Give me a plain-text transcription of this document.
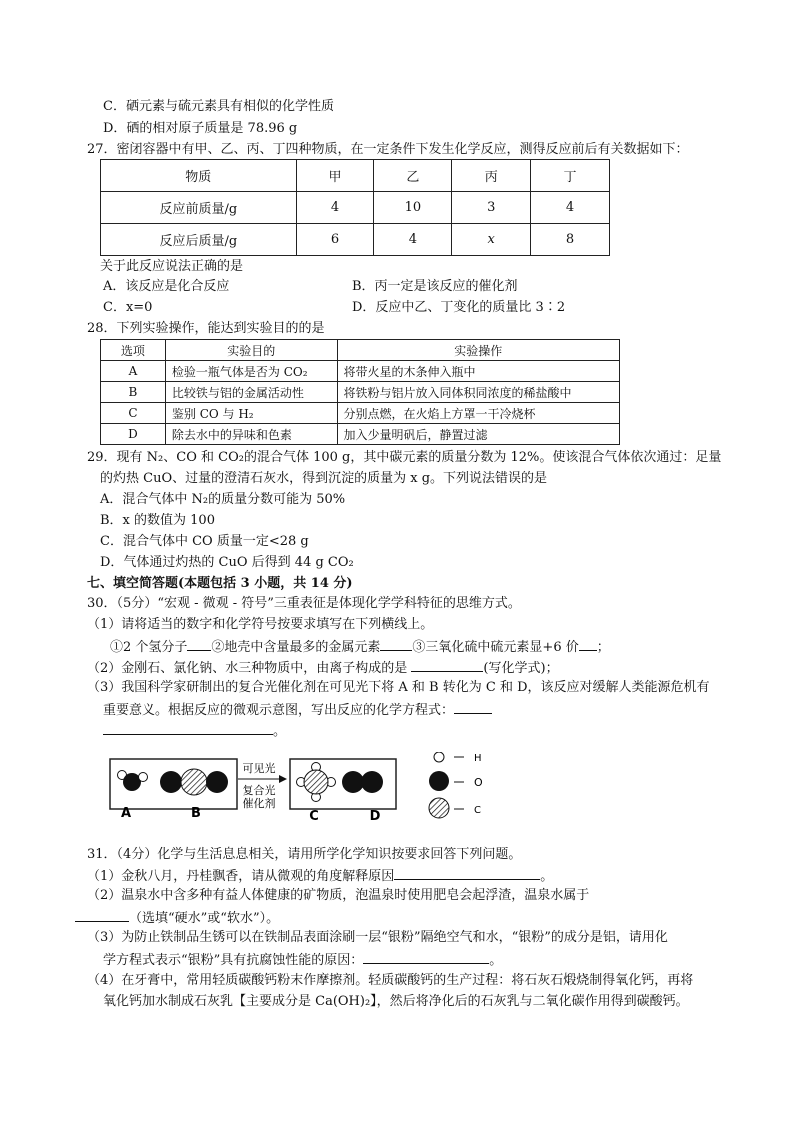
C．硒元素与硫元素具有相似的化学性质
D．硒的相对原子质量是 78.96 g
27．密闭容器中有甲、乙、丙、丁四种物质，在一定条件下发生化学反应，测得反应前后有关数据如下：
物质	甲	乙	丙	丁
反应前质量/g	4	10	3	4
反应后质量/g	6	4	x	8
关于此反应说法正确的是
A．该反应是化合反应	B．丙一定是该反应的催化剂
C．x=0	D．反应中乙、丁变化的质量比 3∶2
28．下列实验操作，能达到实验目的的是
选项	实验目的	实验操作
A	检验一瓶气体是否为 CO₂	将带火星的木条伸入瓶中
B	比较铁与铝的金属活动性	将铁粉与铝片放入同体积同浓度的稀盐酸中
C	鉴别 CO 与 H₂	分别点燃，在火焰上方罩一干冷烧杯
D	除去水中的异味和色素	加入少量明矾后，静置过滤
29．现有 N₂、CO 和 CO₂的混合气体 100 g，其中碳元素的质量分数为 12%。使该混合气体依次通过：足量
的灼热 CuO、过量的澄清石灰水，得到沉淀的质量为 x g。下列说法错误的是
A．混合气体中 N₂的质量分数可能为 50%
B．x 的数值为 100
C．混合气体中 CO 质量一定<28 g
D．气体通过灼热的 CuO 后得到 44 g CO₂
七、填空简答题(本题包括 3 小题，共 14 分)
30．（5分）“宏观 - 微观 - 符号”三重表征是体现化学学科特征的思维方式。
（1）请将适当的数字和化学符号按要求填写在下列横线上。
①2 个氢分子 ②地壳中含量最多的金属元素 ③三氧化硫中硫元素显+6 价 ；
（2）金刚石、氯化钠、水三种物质中，由离子构成的是	(写化学式)；
（3）我国科学家研制出的复合光催化剂在可见光下将 A 和 B 转化为 C 和 D，该反应对缓解人类能源危机有
重要意义。根据反应的微观示意图，写出反应的化学方程式：
。
A	B
可见光
复合光
催化剂
C	D
H
O
C
31．（4分）化学与生活息息相关，请用所学化学知识按要求回答下列问题。
（1）金秋八月，丹桂飘香，请从微观的角度解释原因	。
（2）温泉水中含多种有益人体健康的矿物质，泡温泉时使用肥皂会起浮渣，温泉水属于
（选填“硬水”或“软水”）。
（3）为防止铁制品生锈可以在铁制品表面涂刷一层“银粉”隔绝空气和水，“银粉”的成分是铝，请用化
学方程式表示“银粉”具有抗腐蚀性能的原因：	。
（4）在牙膏中，常用轻质碳酸钙粉末作摩擦剂。轻质碳酸钙的生产过程：将石灰石煅烧制得氧化钙，再将
氧化钙加水制成石灰乳【主要成分是 Ca(OH)₂】，然后将净化后的石灰乳与二氧化碳作用得到碳酸钙。
